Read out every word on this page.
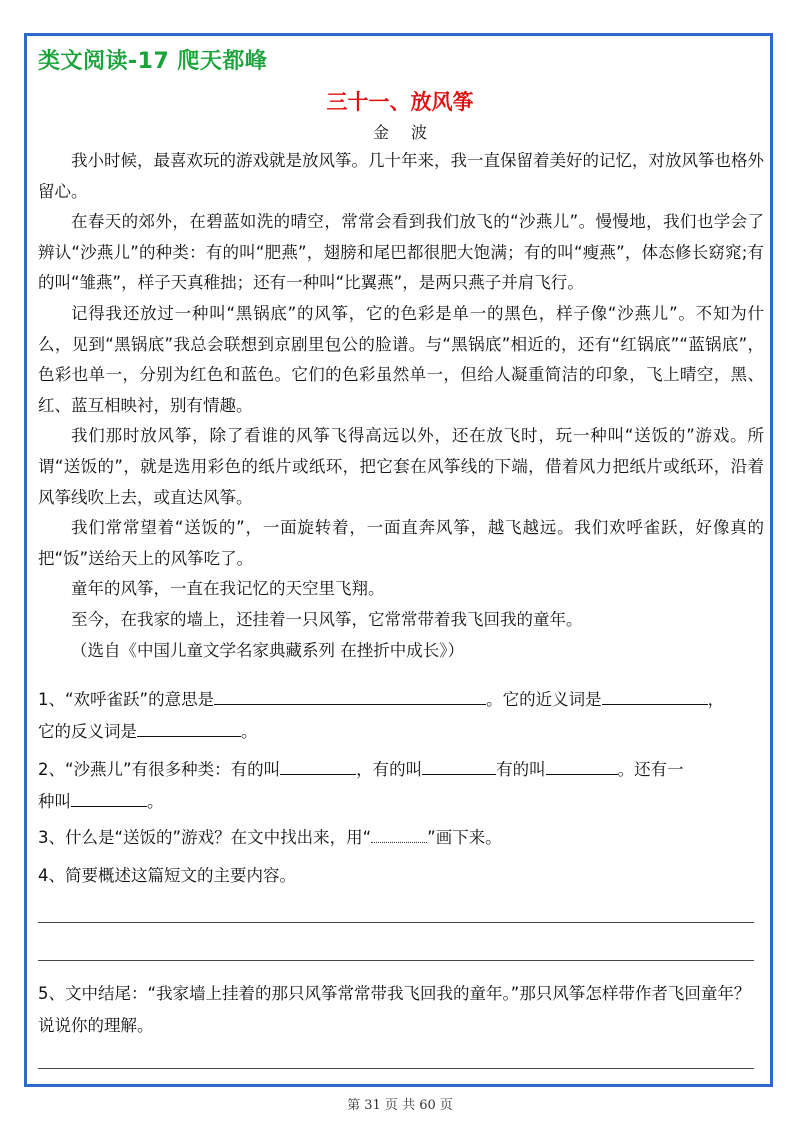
类文阅读-17 爬天都峰
三十一、放风筝
金 波

我小时候，最喜欢玩的游戏就是放风筝。几十年来，我一直保留着美好的记忆，对放风筝也格外留心。

在春天的郊外，在碧蓝如洗的晴空，常常会看到我们放飞的“沙燕儿”。慢慢地，我们也学会了辨认“沙燕儿”的种类：有的叫“肥燕”，翅膀和尾巴都很肥大饱满；有的叫“瘦燕”，体态修长窈窕;有的叫“雏燕”，样子天真稚拙；还有一种叫“比翼燕”，是两只燕子并肩飞行。

记得我还放过一种叫“黑锅底”的风筝，它的色彩是单一的黑色，样子像“沙燕儿”。不知为什么，见到“黑锅底”我总会联想到京剧里包公的脸谱。与“黑锅底”相近的，还有“红锅底”“蓝锅底”，色彩也单一，分别为红色和蓝色。它们的色彩虽然单一，但给人凝重简洁的印象，飞上晴空，黑、红、蓝互相映衬，别有情趣。

我们那时放风筝，除了看谁的风筝飞得高远以外，还在放飞时，玩一种叫“送饭的”游戏。所谓“送饭的”，就是选用彩色的纸片或纸环，把它套在风筝线的下端，借着风力把纸片或纸环，沿着风筝线吹上去，或直达风筝。

我们常常望着“送饭的”，一面旋转着，一面直奔风筝，越飞越远。我们欢呼雀跃，好像真的把“饭”送给天上的风筝吃了。

童年的风筝，一直在我记忆的天空里飞翔。

至今，在我家的墙上，还挂着一只风筝，它常常带着我飞回我的童年。

（选自《中国儿童文学名家典藏系列 在挫折中成长》）

1、“欢呼雀跃”的意思是	。它的近义词是	，
它的反义词是	。
2、“沙燕儿”有很多种类：有的叫	，有的叫	有的叫	。还有一
种叫	。
3、什么是“送饭的”游戏？在文中找出来，用“	”画下来。
4、简要概述这篇短文的主要内容。
5、文中结尾：“我家墙上挂着的那只风筝常常带我飞回我的童年。”那只风筝怎样带作者飞回童年？说说你的理解。
第 31 页 共 60 页
